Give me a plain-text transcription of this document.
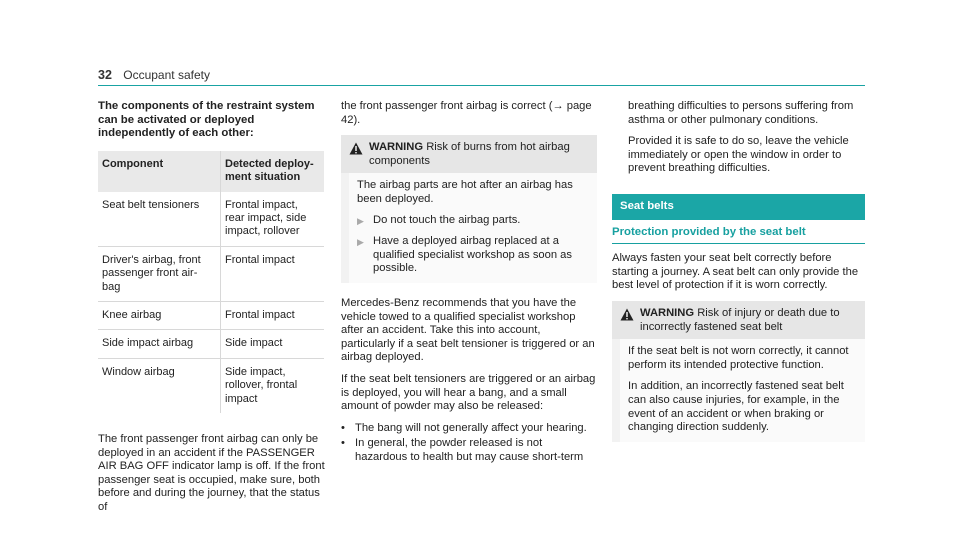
32 Occupant safety

The components of the restraint system can be activated or deployed independently of each other:

Component	Detected deploy-
ment situation
Seat belt tensioners	Frontal impact, rear impact, side impact, rollover
Driver's airbag, front passenger front air-bag	Frontal impact
Knee airbag	Frontal impact
Side impact airbag	Side impact
Window airbag	Side impact, rollover, frontal impact

The front passenger front airbag can only be deployed in an accident if the PASSENGER AIR BAG OFF indicator lamp is off. If the front passenger seat is occupied, make sure, both before and during the journey, that the status of

the front passenger front airbag is correct (→ page 42).

WARNING Risk of burns from hot airbag components
The airbag parts are hot after an airbag has been deployed.
▶ Do not touch the airbag parts.
▶ Have a deployed airbag replaced at a qualified specialist workshop as soon as possible.

Mercedes-Benz recommends that you have the vehicle towed to a qualified specialist workshop after an accident. Take this into account, particularly if a seat belt tensioner is triggered or an airbag deployed.

If the seat belt tensioners are triggered or an airbag is deployed, you will hear a bang, and a small amount of powder may also be released:

• The bang will not generally affect your hearing.
• In general, the powder released is not hazardous to health but may cause short-term

breathing difficulties to persons suffering from asthma or other pulmonary conditions.

Provided it is safe to do so, leave the vehicle immediately or open the window in order to prevent breathing difficulties.

Seat belts
Protection provided by the seat belt

Always fasten your seat belt correctly before starting a journey. A seat belt can only provide the best level of protection if it is worn correctly.

WARNING Risk of injury or death due to incorrectly fastened seat belt

If the seat belt is not worn correctly, it cannot perform its intended protective function.

In addition, an incorrectly fastened seat belt can also cause injuries, for example, in the event of an accident or when braking or changing direction suddenly.
